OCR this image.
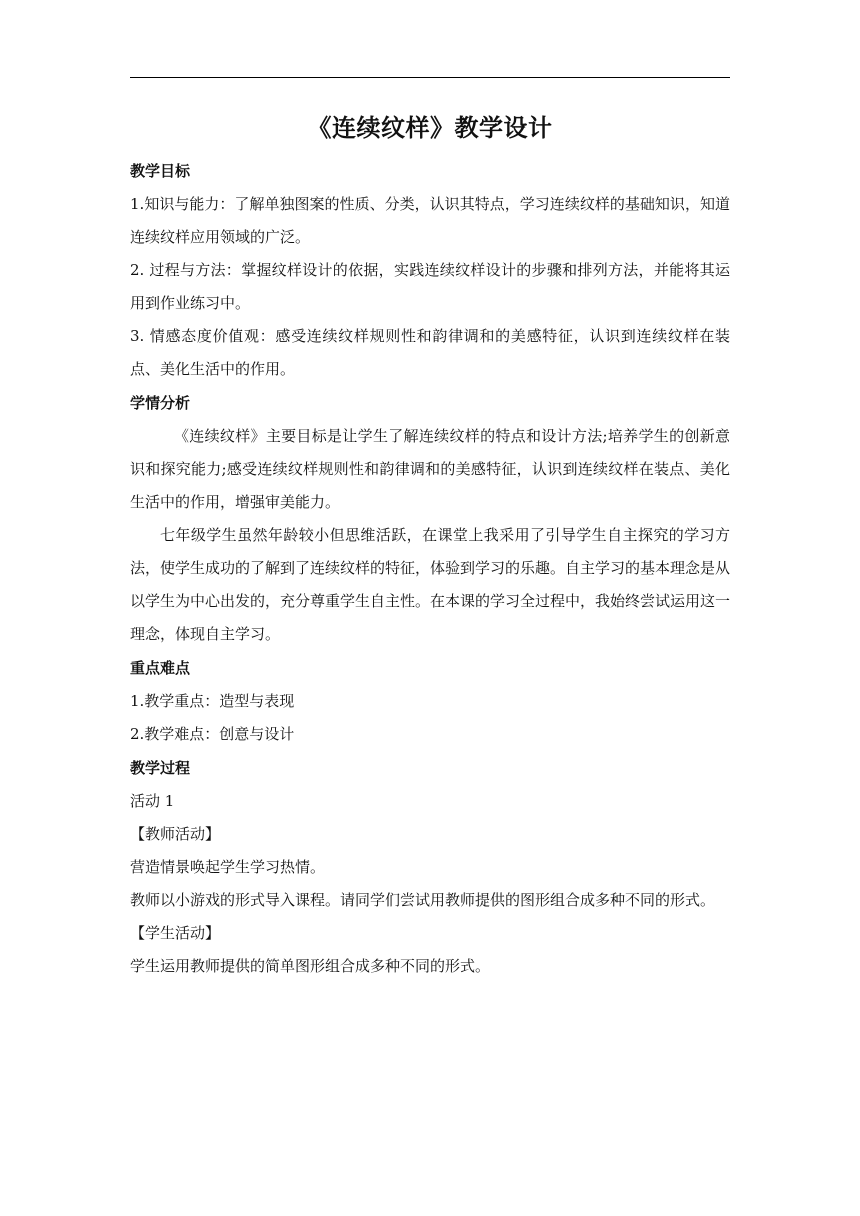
《连续纹样》教学设计

教学目标

1.知识与能力：了解单独图案的性质、分类，认识其特点，学习连续纹样的基础知识，知道连续纹样应用领域的广泛。

2. 过程与方法：掌握纹样设计的依据，实践连续纹样设计的步骤和排列方法，并能将其运用到作业练习中。

3. 情感态度价值观：感受连续纹样规则性和韵律调和的美感特征，认识到连续纹样在装点、美化生活中的作用。

学情分析

《连续纹样》主要目标是让学生了解连续纹样的特点和设计方法;培养学生的创新意识和探究能力;感受连续纹样规则性和韵律调和的美感特征，认识到连续纹样在装点、美化生活中的作用，增强审美能力。

七年级学生虽然年龄较小但思维活跃，在课堂上我采用了引导学生自主探究的学习方法，使学生成功的了解到了连续纹样的特征，体验到学习的乐趣。自主学习的基本理念是从以学生为中心出发的，充分尊重学生自主性。在本课的学习全过程中，我始终尝试运用这一理念，体现自主学习。

重点难点

1.教学重点：造型与表现

2.教学难点：创意与设计

教学过程

活动 1

【教师活动】

营造情景唤起学生学习热情。

教师以小游戏的形式导入课程。请同学们尝试用教师提供的图形组合成多种不同的形式。

【学生活动】

学生运用教师提供的简单图形组合成多种不同的形式。
